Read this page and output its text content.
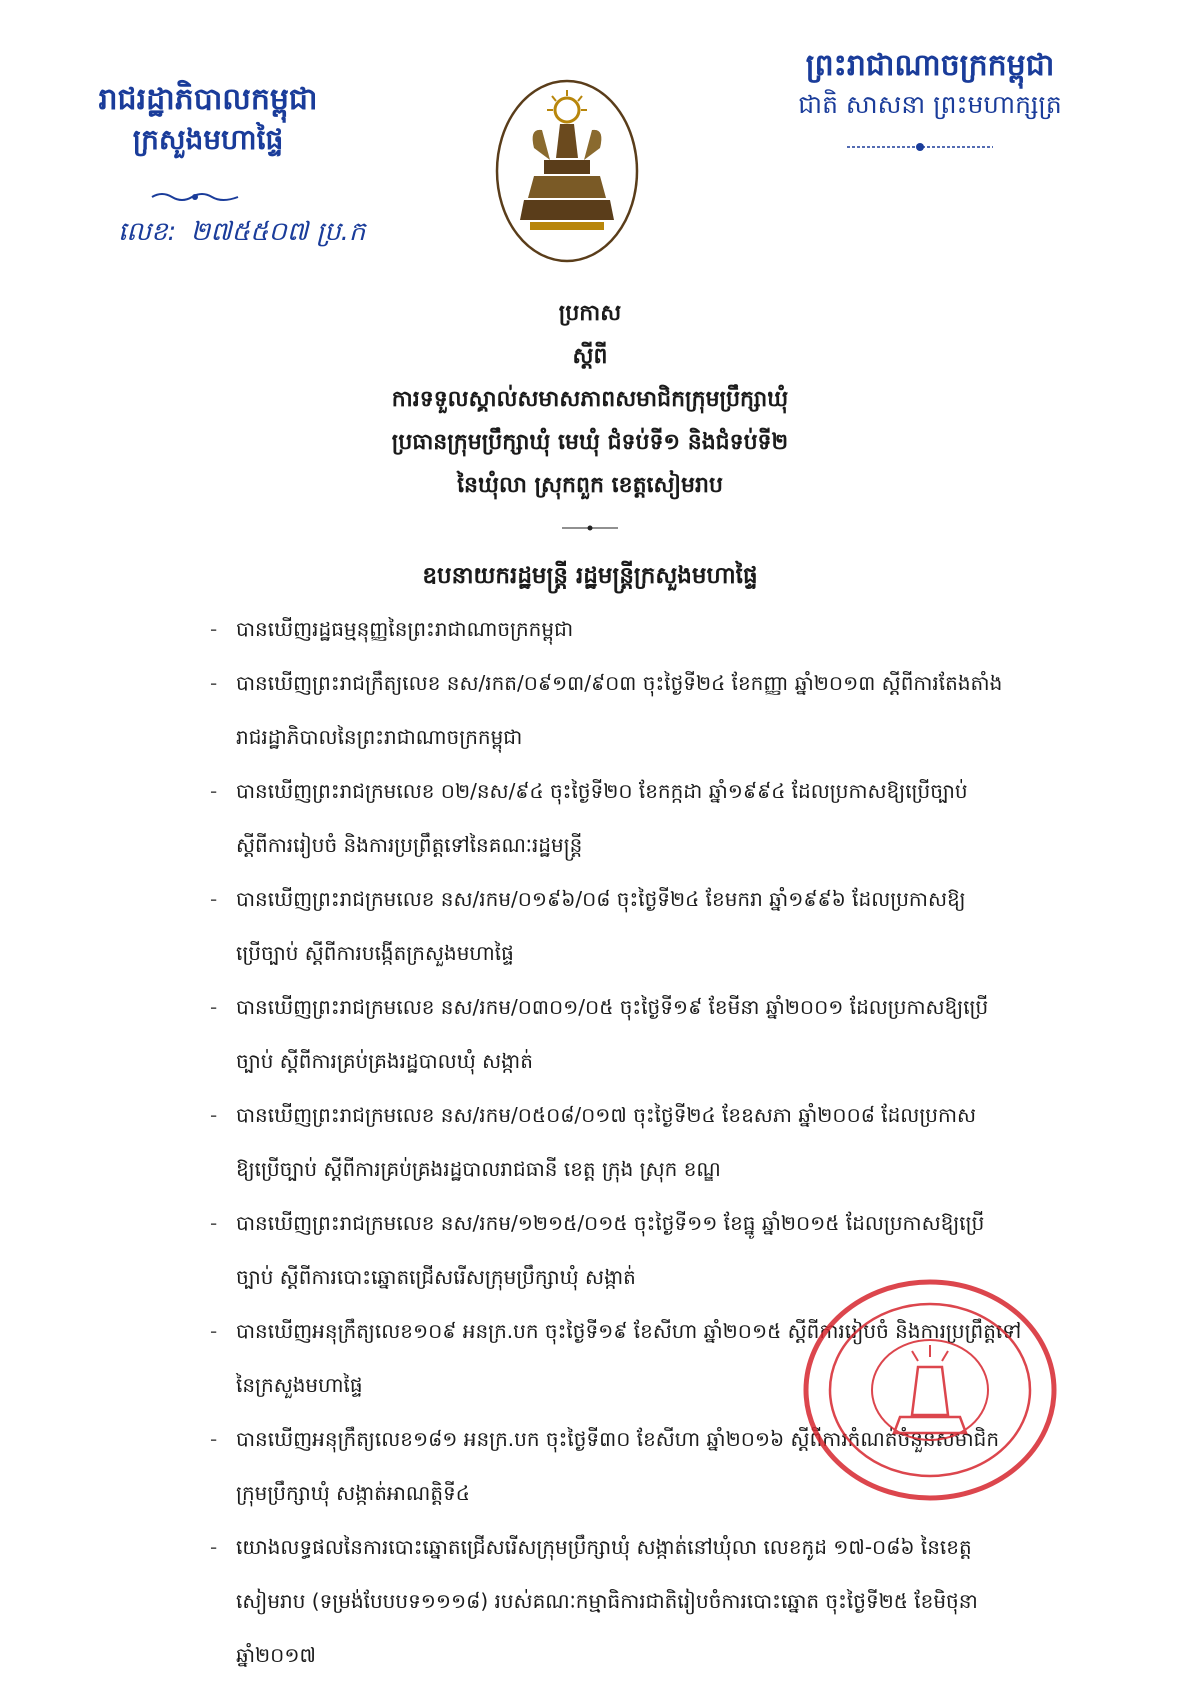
រាជរដ្ឋាភិបាលកម្ពុជា
ក្រសួងមហាផ្ទៃ
លេខ: ២៧៥៥០៧ ប្រ.ក
ព្រះរាជាណាចក្រកម្ពុជា
ជាតិ សាសនា ព្រះមហាក្សត្រ
ប្រកាស
ស្ដីពី
ការទទួលស្គាល់សមាសភាពសមាជិកក្រុមប្រឹក្សាឃុំ
ប្រធានក្រុមប្រឹក្សាឃុំ មេឃុំ ជំទប់ទី១ និងជំទប់ទី២
នៃឃុំលា ស្រុកពួក ខេត្តសៀមរាប
ឧបនាយករដ្ឋមន្ត្រី រដ្ឋមន្ត្រីក្រសួងមហាផ្ទៃ
- បានឃើញរដ្ឋធម្មនុញ្ញនៃព្រះរាជាណាចក្រកម្ពុជា
- បានឃើញព្រះរាជក្រឹត្យលេខ នស/រកត/០៩១៣/៩០៣ ចុះថ្ងៃទី២៤ ខែកញ្ញា ឆ្នាំ២០១៣ ស្ដីពីការតែងតាំង
រាជរដ្ឋាភិបាលនៃព្រះរាជាណាចក្រកម្ពុជា
- បានឃើញព្រះរាជក្រមលេខ ០២/នស/៩៤ ចុះថ្ងៃទី២០ ខែកក្កដា ឆ្នាំ១៩៩៤ ដែលប្រកាសឱ្យប្រើច្បាប់
ស្ដីពីការរៀបចំ និងការប្រព្រឹត្តទៅនៃគណៈរដ្ឋមន្ត្រី
- បានឃើញព្រះរាជក្រមលេខ នស/រកម/០១៩៦/០៨ ចុះថ្ងៃទី២៤ ខែមករា ឆ្នាំ១៩៩៦ ដែលប្រកាសឱ្យ
ប្រើច្បាប់ ស្ដីពីការបង្កើតក្រសួងមហាផ្ទៃ
- បានឃើញព្រះរាជក្រមលេខ នស/រកម/០៣០១/០៥ ចុះថ្ងៃទី១៩ ខែមីនា ឆ្នាំ២០០១ ដែលប្រកាសឱ្យប្រើ
ច្បាប់ ស្ដីពីការគ្រប់គ្រងរដ្ឋបាលឃុំ សង្កាត់
- បានឃើញព្រះរាជក្រមលេខ នស/រកម/០៥០៨/០១៧ ចុះថ្ងៃទី២៤ ខែឧសភា ឆ្នាំ២០០៨ ដែលប្រកាស
ឱ្យប្រើច្បាប់ ស្ដីពីការគ្រប់គ្រងរដ្ឋបាលរាជធានី ខេត្ត ក្រុង ស្រុក ខណ្ឌ
- បានឃើញព្រះរាជក្រមលេខ នស/រកម/១២១៥/០១៥ ចុះថ្ងៃទី១១ ខែធ្នូ ឆ្នាំ២០១៥ ដែលប្រកាសឱ្យប្រើ
ច្បាប់ ស្ដីពីការបោះឆ្នោតជ្រើសរើសក្រុមប្រឹក្សាឃុំ សង្កាត់
- បានឃើញអនុក្រឹត្យលេខ១០៩ អនក្រ.បក ចុះថ្ងៃទី១៩ ខែសីហា ឆ្នាំ២០១៥ ស្ដីពីការរៀបចំ និងការប្រព្រឹត្តទៅ
នៃក្រសួងមហាផ្ទៃ
- បានឃើញអនុក្រឹត្យលេខ១៨១ អនក្រ.បក ចុះថ្ងៃទី៣០ ខែសីហា ឆ្នាំ២០១៦ ស្ដីពីការកំណត់ចំនួនសមាជិក
ក្រុមប្រឹក្សាឃុំ សង្កាត់អាណត្តិទី៤
- យោងលទ្ធផលនៃការបោះឆ្នោតជ្រើសរើសក្រុមប្រឹក្សាឃុំ សង្កាត់នៅឃុំលា លេខកូដ ១៧-០៨៦ នៃខេត្ត
សៀមរាប (ទម្រង់បែបបទ១១១៨) របស់គណៈកម្មាធិការជាតិរៀបចំការបោះឆ្នោត ចុះថ្ងៃទី២៥ ខែមិថុនា
ឆ្នាំ២០១៧
